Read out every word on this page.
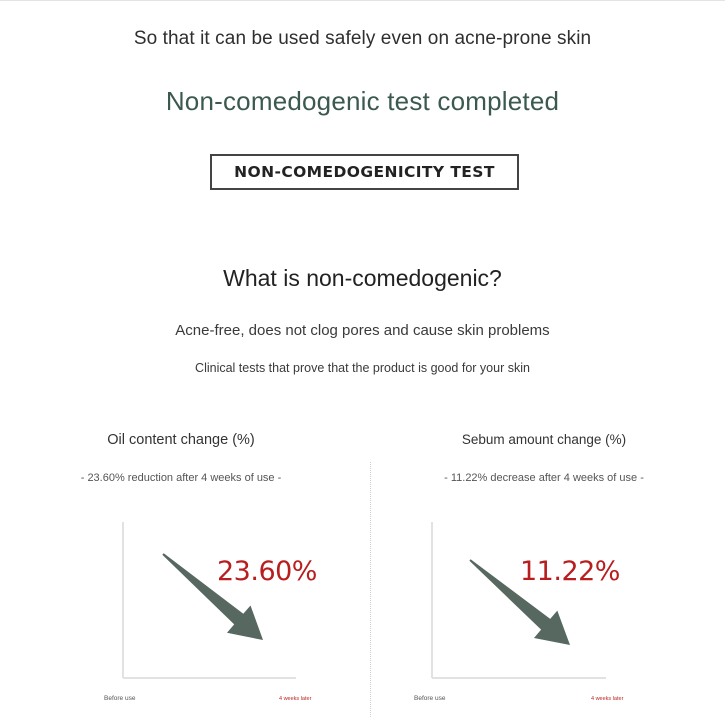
So that it can be used safely even on acne-prone skin
Non-comedogenic test completed
NON-COMEDOGENICITY TEST
What is non-comedogenic?
Acne-free, does not clog pores and cause skin problems
Clinical tests that prove that the product is good for your skin
Oil content change (%)
- 23.60% reduction after 4 weeks of use -
23.60%
Before use	4 weeks later
Sebum amount change (%)
- 11.22% decrease after 4 weeks of use -
11.22%
Before use	4 weeks later
